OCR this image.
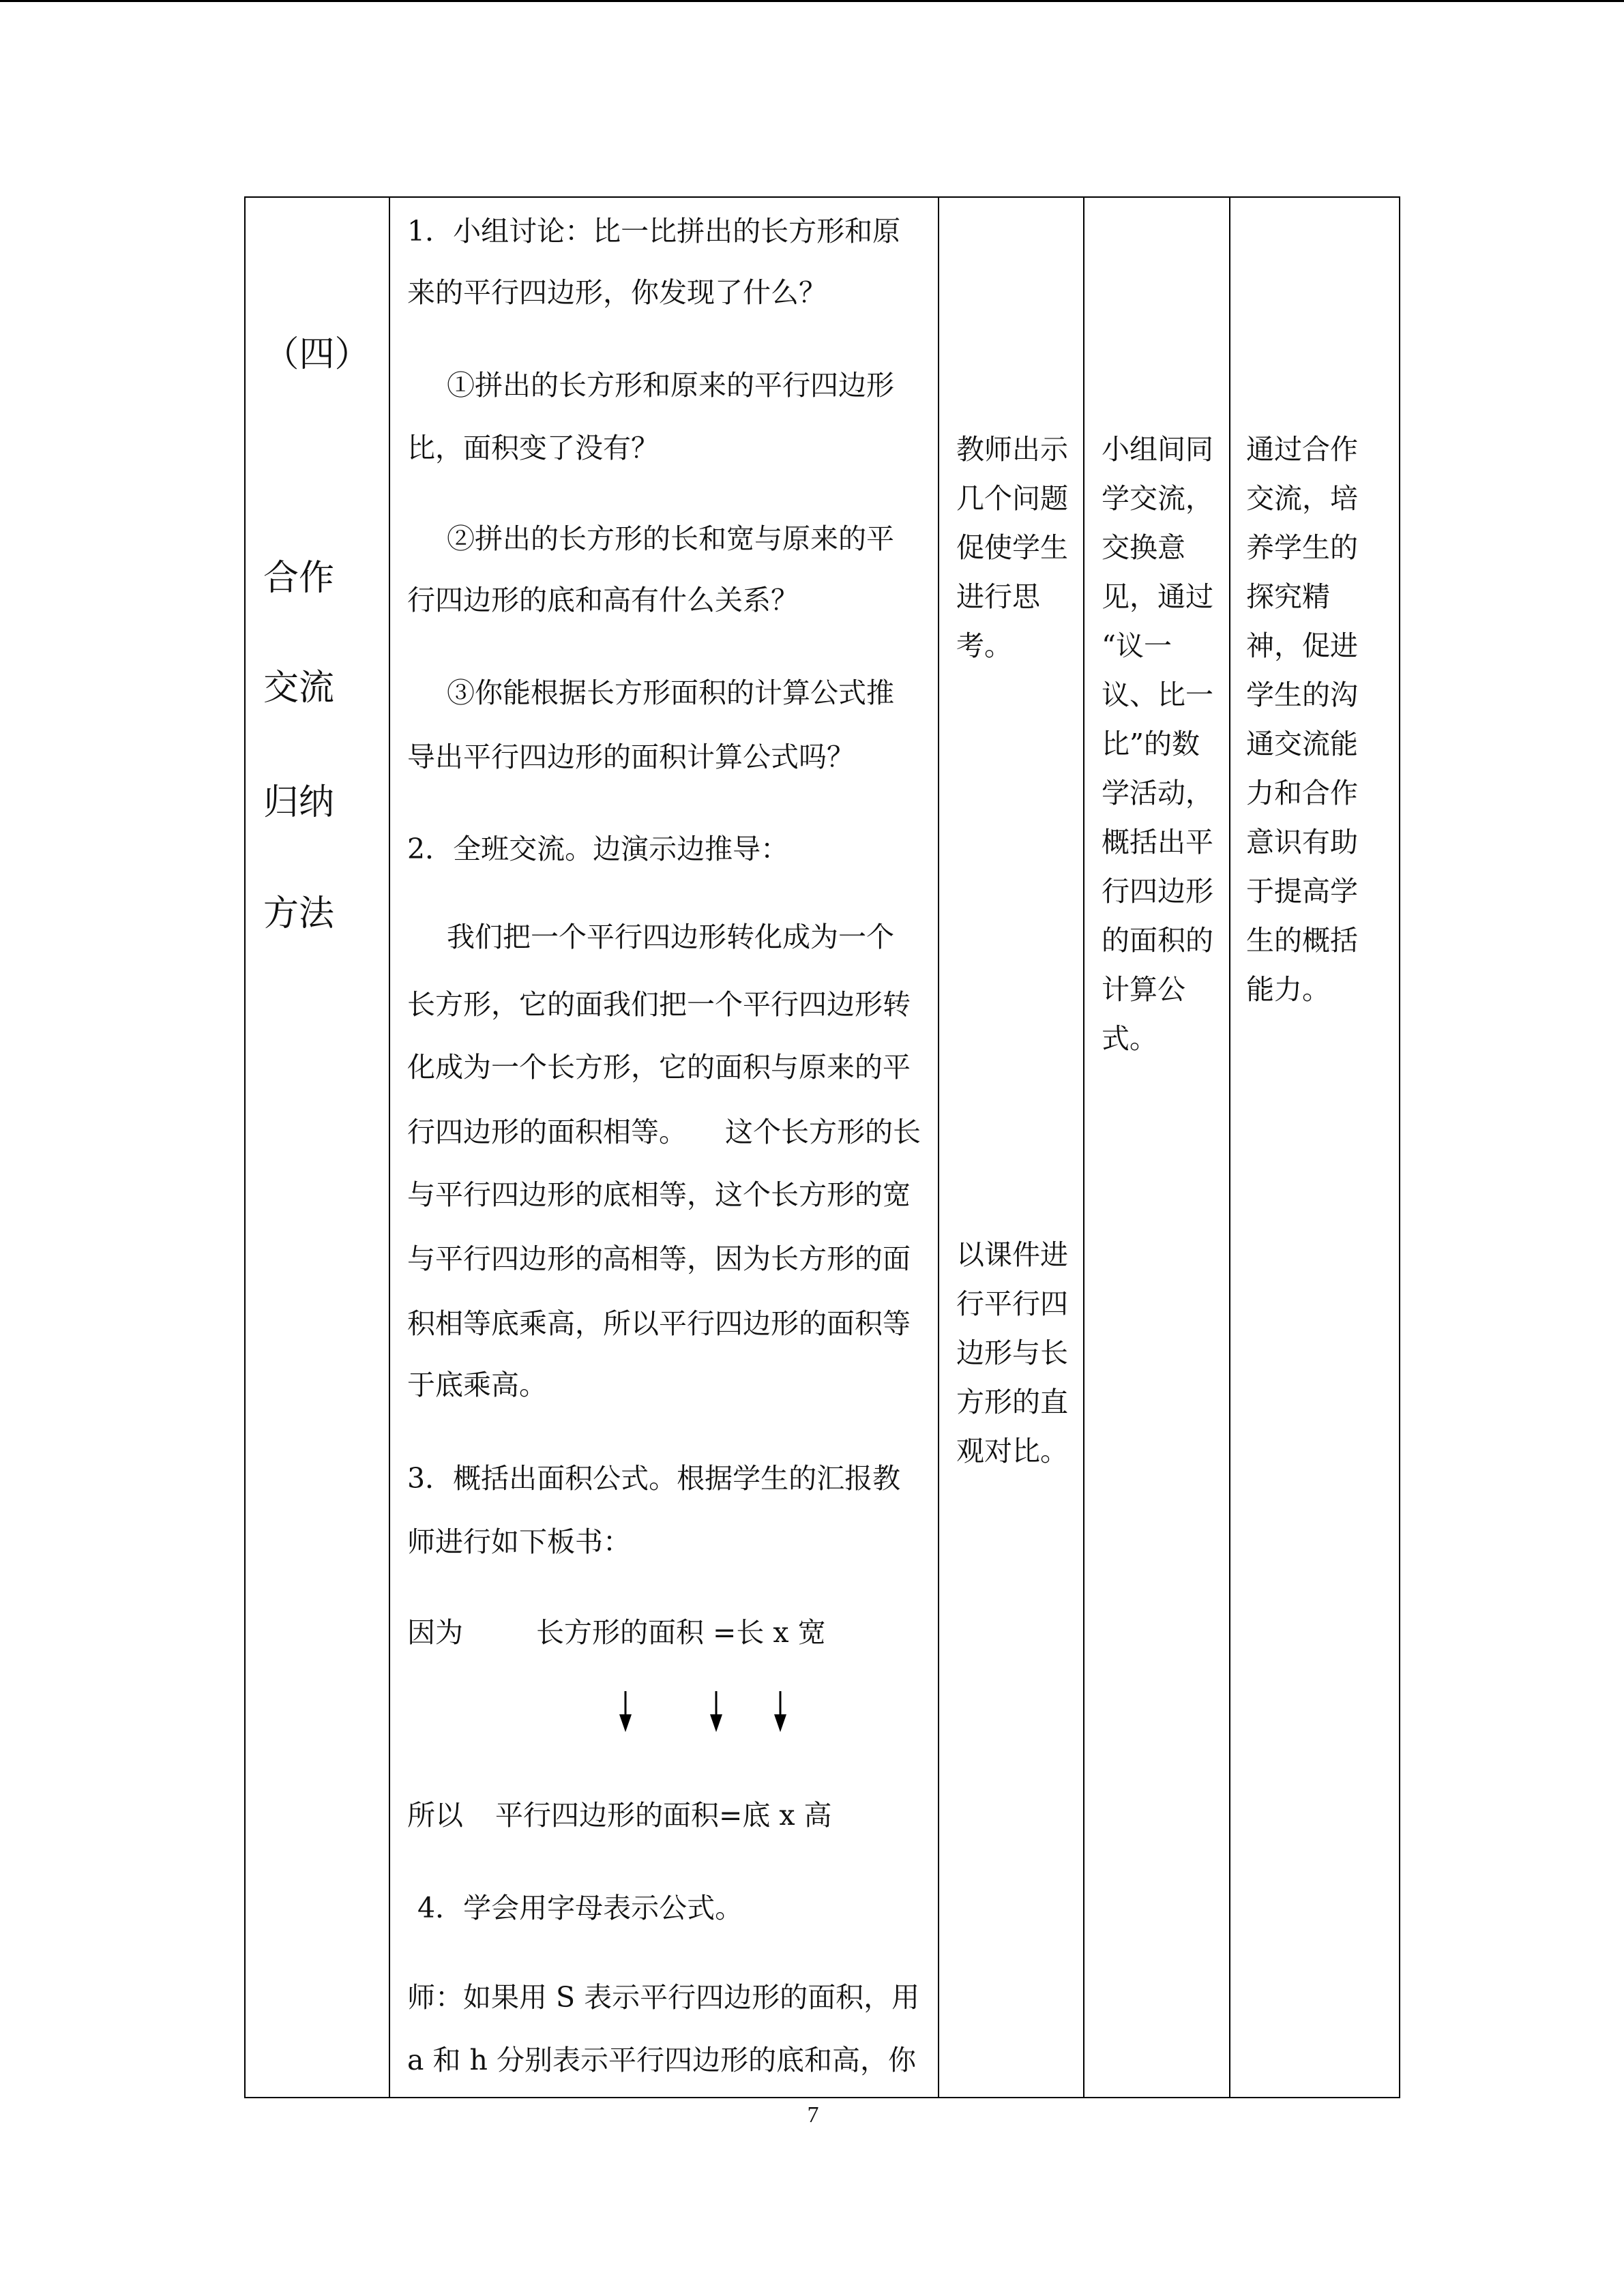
（四）
合作
交流
归纳
方法
1．小组讨论：比一比拼出的长方形和原
来的平行四边形，你发现了什么？
①拼出的长方形和原来的平行四边形
比，面积变了没有？
②拼出的长方形的长和宽与原来的平
行四边形的底和高有什么关系？
③你能根据长方形面积的计算公式推
导出平行四边形的面积计算公式吗？
2．全班交流。边演示边推导：
我们把一个平行四边形转化成为一个
长方形，它的面我们把一个平行四边形转
化成为一个长方形，它的面积与原来的平
行四边形的面积相等。 这个长方形的长
与平行四边形的底相等，这个长方形的宽
与平行四边形的高相等，因为长方形的面
积相等底乘高，所以平行四边形的面积等
于底乘高。
3．概括出面积公式。根据学生的汇报教
师进行如下板书：
因为	长方形的面积 =长 x 宽
所以 平行四边形的面积=底 x 高
4．学会用字母表示公式。
师：如果用 S 表示平行四边形的面积，用
a 和 h 分别表示平行四边形的底和高，你
教师出示
几个问题
促使学生
进行思
考。
以课件进
行平行四
边形与长
方形的直
观对比。
小组间同
学交流，
交换意
见，通过
“议一
议、比一
比”的数
学活动，
概括出平
行四边形
的面积的
计算公
式。
通过合作
交流，培
养学生的
探究精
神，促进
学生的沟
通交流能
力和合作
意识有助
于提高学
生的概括
能力。
7
